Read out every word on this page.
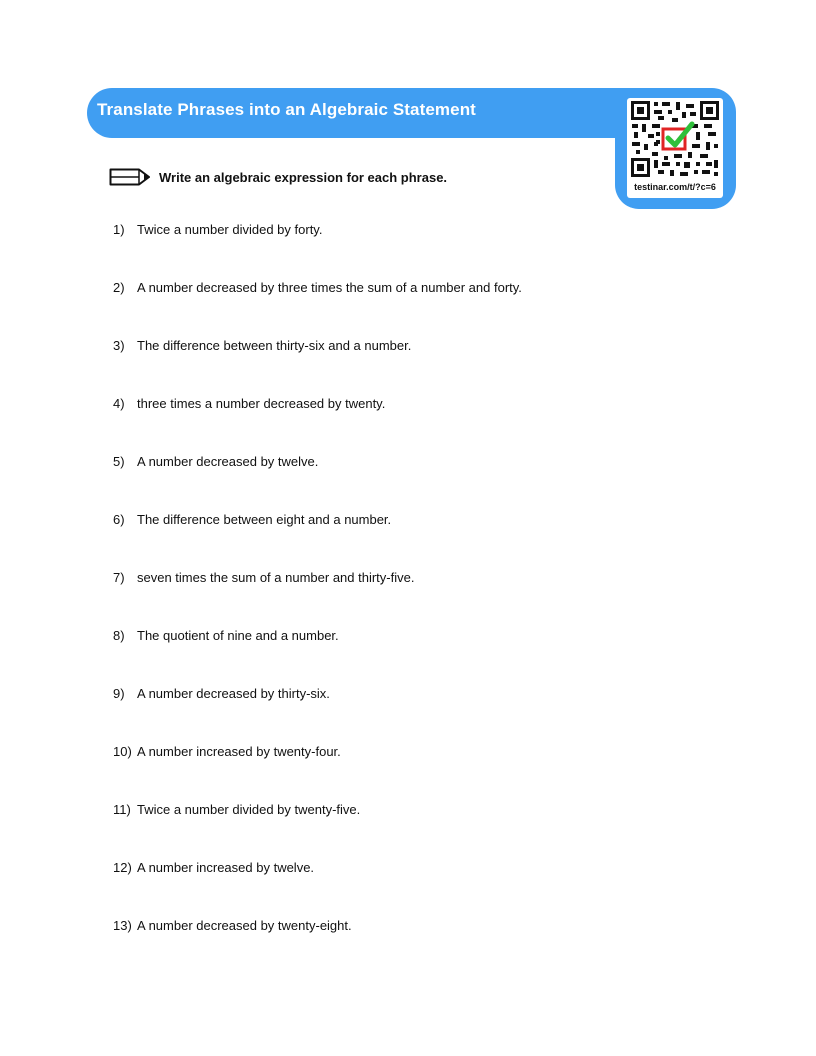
Translate Phrases into an Algebraic Statement
testinar.com/t/?c=6
Write an algebraic expression for each phrase.
1) Twice a number divided by forty.
2) A number decreased by three times the sum of a number and forty.
3) The difference between thirty-six and a number.
4) three times a number decreased by twenty.
5) A number decreased by twelve.
6) The difference between eight and a number.
7) seven times the sum of a number and thirty-five.
8) The quotient of nine and a number.
9) A number decreased by thirty-six.
10) A number increased by twenty-four.
11) Twice a number divided by twenty-five.
12) A number increased by twelve.
13) A number decreased by twenty-eight.
